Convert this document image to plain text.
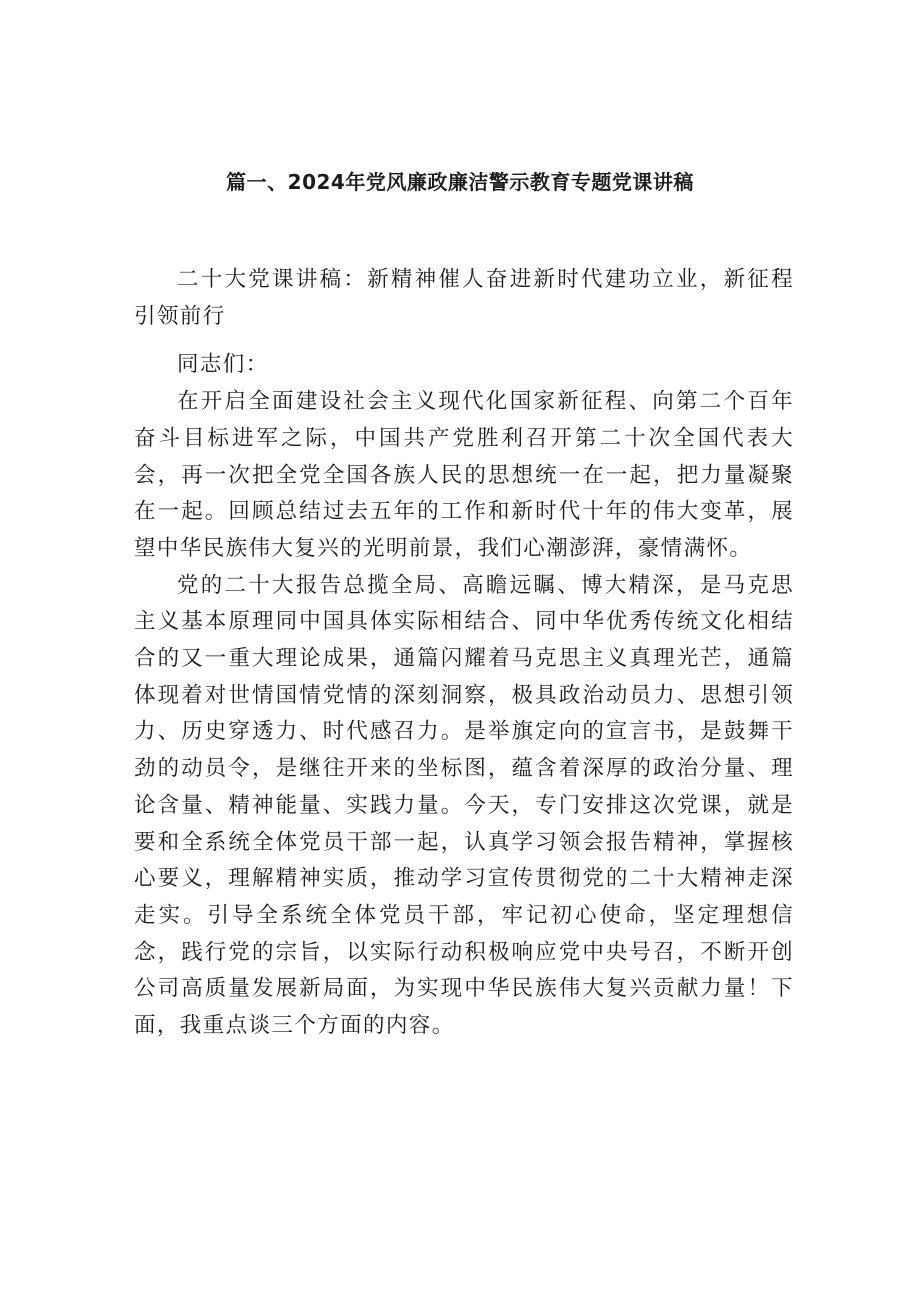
篇一、2024年党风廉政廉洁警示教育专题党课讲稿

二十大党课讲稿：新精神催人奋进新时代建功立业，新征程引领前行

同志们：

在开启全面建设社会主义现代化国家新征程、向第二个百年奋斗目标进军之际，中国共产党胜利召开第二十次全国代表大会，再一次把全党全国各族人民的思想统一在一起，把力量凝聚在一起。回顾总结过去五年的工作和新时代十年的伟大变革，展望中华民族伟大复兴的光明前景，我们心潮澎湃，豪情满怀。

党的二十大报告总揽全局、高瞻远瞩、博大精深，是马克思主义基本原理同中国具体实际相结合、同中华优秀传统文化相结合的又一重大理论成果，通篇闪耀着马克思主义真理光芒，通篇体现着对世情国情党情的深刻洞察，极具政治动员力、思想引领力、历史穿透力、时代感召力。是举旗定向的宣言书，是鼓舞干劲的动员令，是继往开来的坐标图，蕴含着深厚的政治分量、理论含量、精神能量、实践力量。今天，专门安排这次党课，就是要和全系统全体党员干部一起，认真学习领会报告精神，掌握核心要义，理解精神实质，推动学习宣传贯彻党的二十大精神走深走实。引导全系统全体党员干部，牢记初心使命，坚定理想信念，践行党的宗旨，以实际行动积极响应党中央号召，不断开创公司高质量发展新局面，为实现中华民族伟大复兴贡献力量！下面，我重点谈三个方面的内容。
